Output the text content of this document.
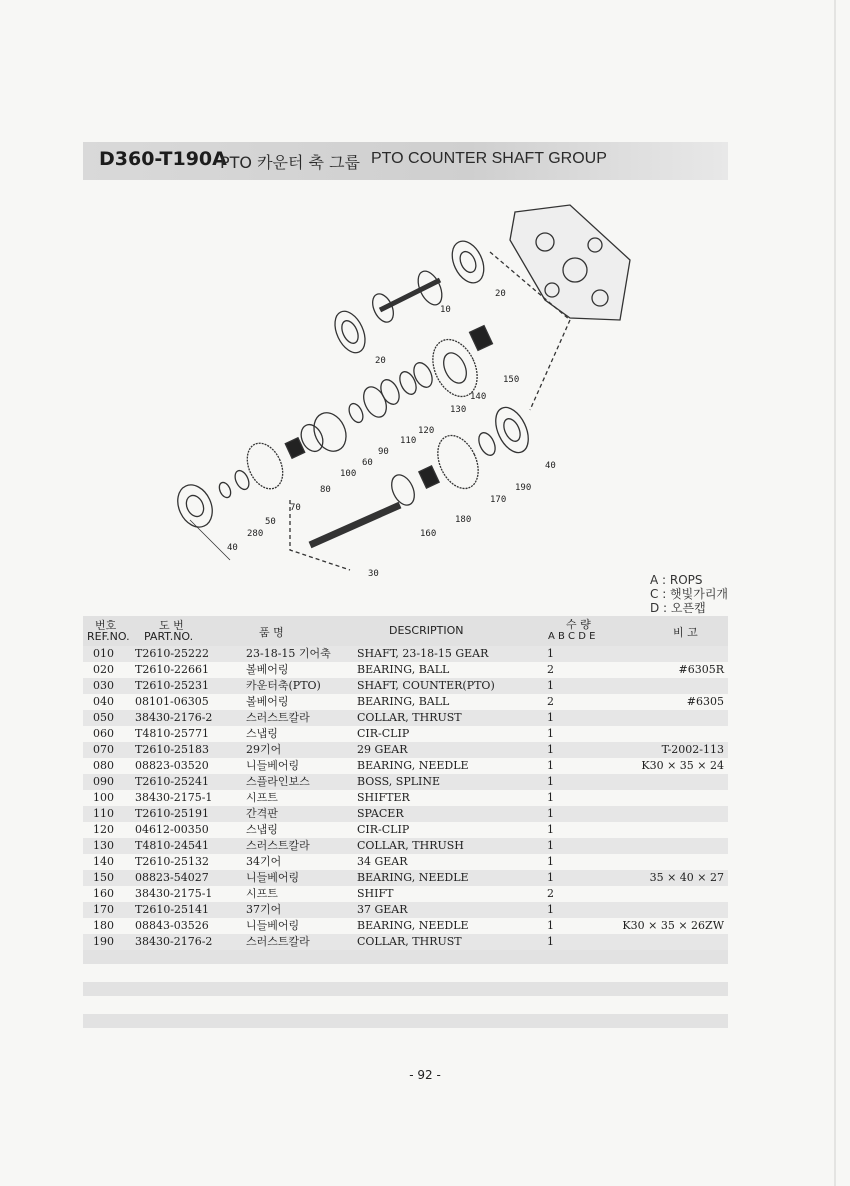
D360-T190A
PTO 카운터 축 그룹 PTO COUNTER SHAFT GROUP
20
10
20
150
140
130
120
110
90
60
100
80
70
50
280
40
40
190
170
180
160
30	A : ROPS
C : 햇빛가리개
D : 오픈캡
번호
REF.NO.
도 번
PART.NO.	품 명	DESCRIPTION	수 량
A B C D E	비 고
010 T2610-25222	23-18-15 기어축 SHAFT, 23-18-15 GEAR	1
020 T2610-22661	볼베어링	BEARING, BALL	2	#6305R
030 T2610-25231	카운터축(PTO)	SHAFT, COUNTER(PTO)	1
040 08101-06305	볼베어링	BEARING, BALL	2	#6305
050 38430-2176-2	스러스트칼라	COLLAR, THRUST	1
060 T4810-25771	스냅링	CIR-CLIP	1
070 T2610-25183	29기어	29 GEAR	1	T-2002-113
080 08823-03520	니들베어링	BEARING, NEEDLE	1	K30 × 35 × 24
090 T2610-25241	스플라인보스	BOSS, SPLINE	1
100 38430-2175-1	시프트	SHIFTER	1
110 T2610-25191	간격판	SPACER	1
120 04612-00350	스냅링	CIR-CLIP	1
130 T4810-24541	스러스트칼라	COLLAR, THRUSH	1
140 T2610-25132	34기어	34 GEAR	1
150 08823-54027	니들베어링	BEARING, NEEDLE	1	35 × 40 × 27
160 38430-2175-1	시프트	SHIFT	2
170 T2610-25141	37기어	37 GEAR	1
180 08843-03526	니들베어링	BEARING, NEEDLE	1	K30 × 35 × 26ZW
190 38430-2176-2	스러스트칼라	COLLAR, THRUST	1
- 92 -
